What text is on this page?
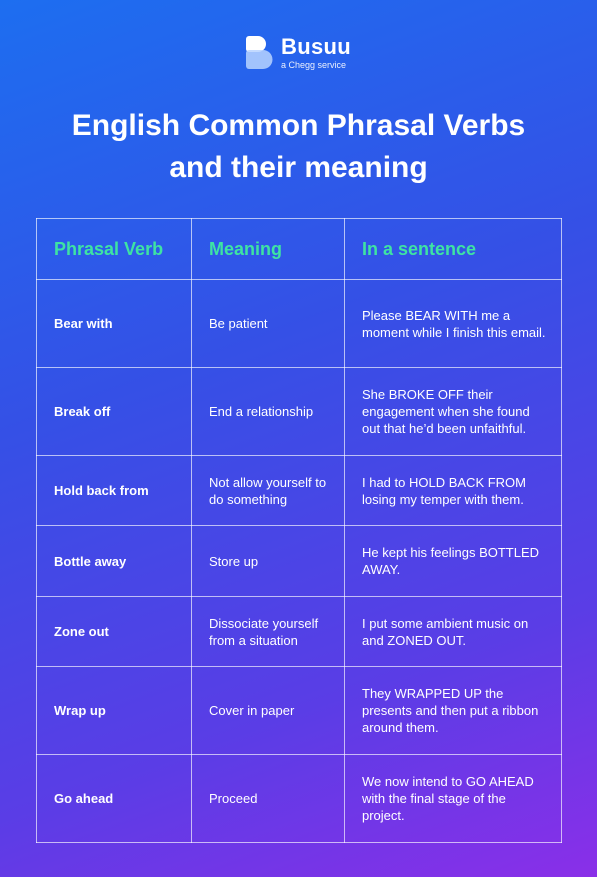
Busuu
a Chegg service
English Common Phrasal Verbs
and their meaning
Phrasal Verb	Meaning	In a sentence
Bear with	Be patient	Please BEAR WITH me a moment while I finish this email.
Break off	End a relationship	She BROKE OFF their engagement when she found out that he’d been unfaithful.
Hold back from	Not allow yourself to do something	I had to HOLD BACK FROM losing my temper with them.
Bottle away	Store up	He kept his feelings BOTTLED AWAY.
Zone out	Dissociate yourself from a situation	I put some ambient music on and ZONED OUT.
Wrap up	Cover in paper	They WRAPPED UP the presents and then put a ribbon around them.
Go ahead	Proceed	We now intend to GO AHEAD with the final stage of the project.
